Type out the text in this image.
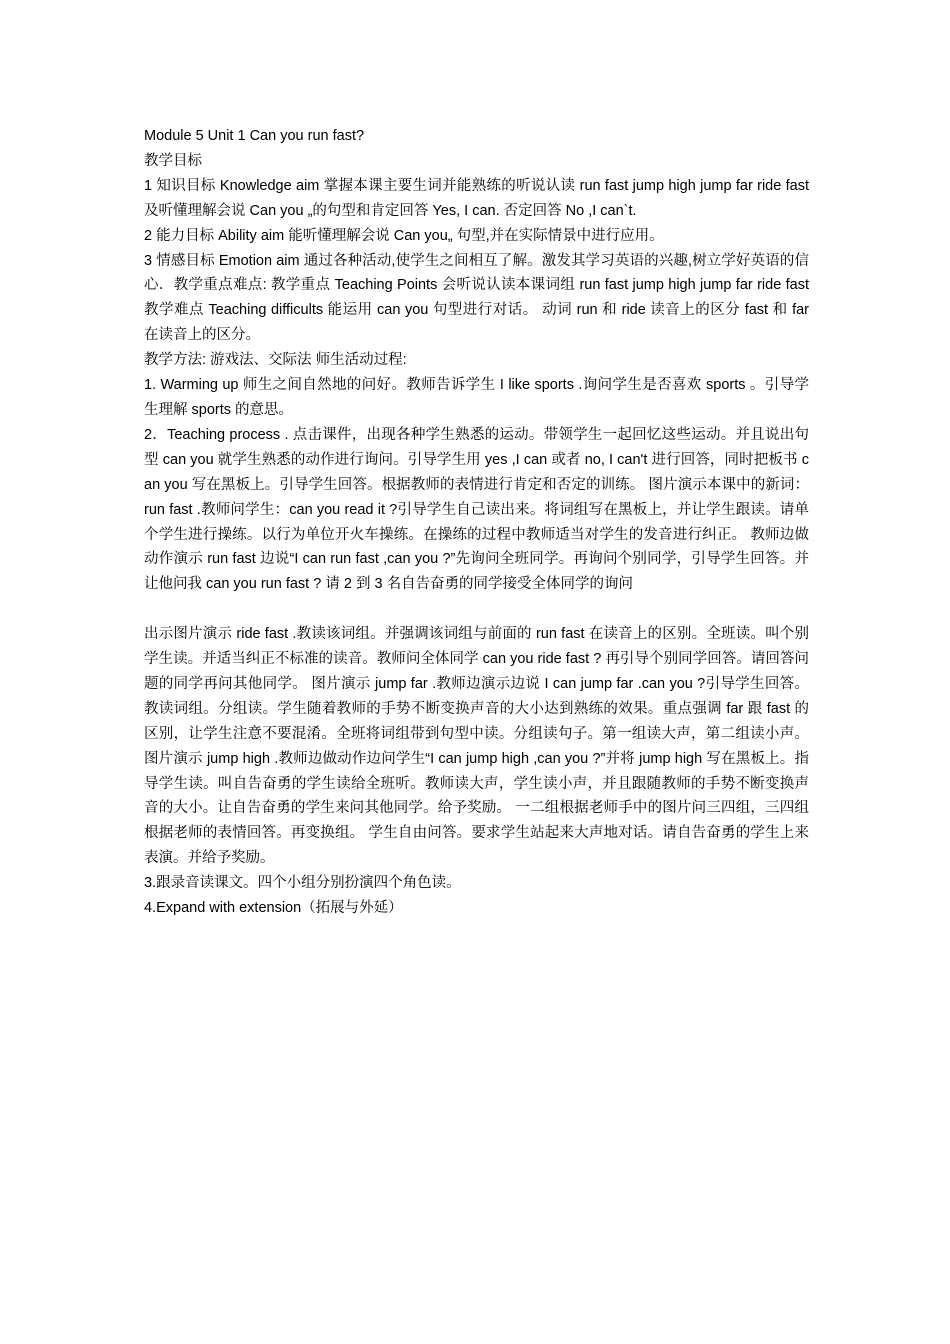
Module 5 Unit 1 Can you run fast?

教学目标

1 知识目标 Knowledge aim 掌握本课主要生词并能熟练的听说认读 run fast jump high jump far ride fast 及听懂理解会说 Can you „的句型和肯定回答 Yes, I can. 否定回答 No ,I can`t.

2 能力目标 Ability aim 能听懂理解会说 Can you„ 句型,并在实际情景中进行应用。

3 情感目标 Emotion aim 通过各种活动,使学生之间相互了解。激发其学习英语的兴趣,树立学好英语的信心．教学重点难点: 教学重点 Teaching Points 会听说认读本课词组 run fast jump high jump far ride fast 教学难点 Teaching difficults 能运用 can you 句型进行对话。 动词 run 和 ride 读音上的区分 fast 和 far 在读音上的区分。

教学方法: 游戏法、交际法 师生活动过程:

1. Warming up 师生之间自然地的问好。教师告诉学生 I like sports .询问学生是否喜欢 sports 。引导学生理解 sports 的意思。

2．Teaching process . 点击课件，出现各种学生熟悉的运动。带领学生一起回忆这些运动。并且说出句型 can you 就学生熟悉的动作进行询问。引导学生用 yes ,I can 或者 no, I can't 进行回答，同时把板书 can you 写在黑板上。引导学生回答。根据教师的表情进行肯定和否定的训练。 图片演示本课中的新词：run fast .教师问学生：can you read it ?引导学生自己读出来。将词组写在黑板上，并让学生跟读。请单个学生进行操练。以行为单位开火车操练。在操练的过程中教师适当对学生的发音进行纠正。 教师边做动作演示 run fast 边说“I can run fast ,can you ?”先询问全班同学。再询问个别同学，引导学生回答。并让他问我 can you run fast ? 请 2 到 3 名自告奋勇的同学接受全体同学的询问

出示图片演示 ride fast .教读该词组。并强调该词组与前面的 run fast 在读音上的区别。全班读。叫个别学生读。并适当纠正不标准的读音。教师问全体同学 can you ride fast ? 再引导个别同学回答。请回答问题的同学再问其他同学。 图片演示 jump far .教师边演示边说 I can jump far .can you ?引导学生回答。教读词组。分组读。学生随着教师的手势不断变换声音的大小达到熟练的效果。重点强调 far 跟 fast 的区别，让学生注意不要混淆。全班将词组带到句型中读。分组读句子。第一组读大声，第二组读小声。 图片演示 jump high .教师边做动作边问学生“I can jump high ,can you ?”并将 jump high 写在黑板上。指导学生读。叫自告奋勇的学生读给全班听。教师读大声，学生读小声，并且跟随教师的手势不断变换声音的大小。让自告奋勇的学生来问其他同学。给予奖励。 一二组根据老师手中的图片问三四组，三四组根据老师的表情回答。再变换组。 学生自由问答。要求学生站起来大声地对话。请自告奋勇的学生上来表演。并给予奖励。

3.跟录音读课文。四个小组分别扮演四个角色读。

4.Expand with extension（拓展与外延）
